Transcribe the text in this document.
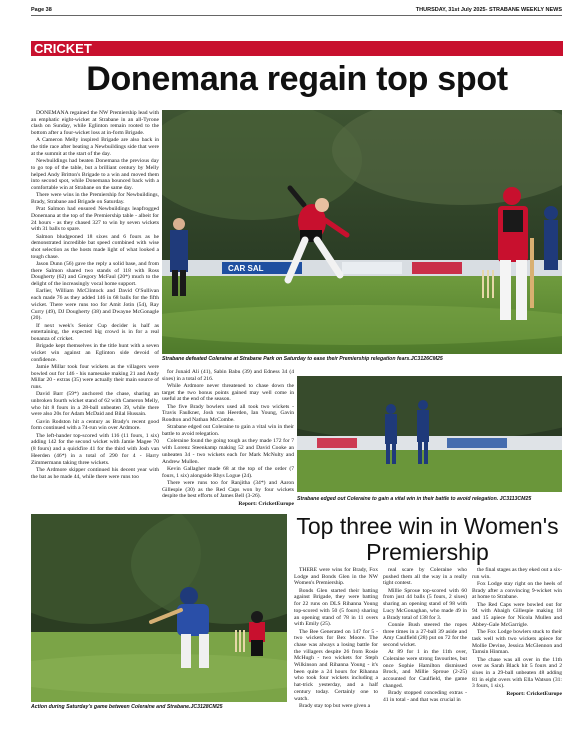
Page 38	THURSDAY, 31st July 2025- STRABANE WEEKLY NEWS
CRICKET
Donemana regain top spot

DONEMANA regained the NW Premiership lead with an emphatic eight-wicket at Strabane in an all-Tyrone clash on Sunday, while Eglinton remain rooted to the bottom after a four-wicket loss at in-form Brigade.

A Cameron Melly inspired Brigade are also back in the title race after beating a Newbuildings side that were at the summit at the start of the day.

Newbuildings had beaten Donemana the previous day to go top of the table, but a brilliant century by Melly helped Andy Britton's Brigade to a win and moved them into second spot, while Donemana bounced back with a comfortable win at Strabane on the same day.

There were wins in the Premiership for Newbuildings, Brady, Strabane and Brigade on Saturday.

Prat Salmon had ensured Newbuildings leapfrogged Donemana at the top of the Premiership table - albeit for 24 hours - as they chased 327 to win by seven wickets with 31 balls to spare.

Salmon bludgeoned 18 sixes and 6 fours as he demonstrated incredible bat speed combined with wise shot selection as the hosts made light of what looked a tough chase.

Jason Dunn (56) gave the reply a solid base, and from there Salmon shared two stands of 118 with Ross Dougherty (62) and Gregory McFaul (20*) much to the delight of the increasingly vocal home support.

Earlier, William McClintock and David O'Sullivan each made 76 as they added 146 in 68 balls for the fifth wicket. There were runs too for Amit Jotin (54), Ray Curry (49), DJ Dougherty (38) and Dwayne McGonagle (20).

If next week's Senior Cup decider is half as entertaining, the expected big crowd is in for a real bonanza of cricket.

Brigade kept themselves in the title hunt with a seven wicket win against an Eglinton side devoid of confidence.

Jamie Millar took four wickets as the villagers were bowled out for 146 - his namesake making 21 and Andy Millar 20 - extras (35) were actually their main source of runs.

David Barr (59*) anchored the chase, sharing an unbroken fourth wicket stand of 62 with Cameron Melly, who hit 8 fours in a 28-ball unbeaten 39, while there were also 20s for Adam McDaid and Bilal Hussain.

Gavin Rodston hit a century as Brady's recent good form continued with a 74-run win over Ardmore.

The left-hander top-scored with 116 (11 fours, 1 six) adding 142 for the second wicket with Jamie Magee 70 (8 fours) and a quickfire 41 for the third with Josh van Heerden (46*) in a total of 290 for 4 - Harry Zimmermann taking three wickets.

The Ardmore skipper continued his decent year with the bat as he made 44, while there were runs too

CAR SAL
Strabane defeated Coleraine at Strabane Park on Saturday to ease their Premiership relegation fears.JC3126CM25

for Junaid Ali (41), Sabin Babu (39) and Edness 34 (4 sixes) in a total of 216.

While Ardmore never threatened to chase down the target the two bonus points gained may well come in useful at the end of the season.

The five Brady bowlers used all took two wickets - Travis Faulkner, Josh van Heerden, Ian Young, Gavin Rondton and Nathan McCombe.

Strabane edged out Coleraine to gain a vital win in their battle to avoid relegation.

Coleraine found the going tough as they made 172 for 7 with Lorenz Steenkamp making 52 and David Cooke an unbeaten 34 - two wickets each for Mark McNulty and Andrew Mullen.

Kevin Gallagher made 68 at the top of the order (7 fours, 1 six) alongside Rhys Logue (24).

There were runs too for Ranjitha (34*) and Aaron Gillespie (30) as the Red Caps won by four wickets despite the best efforts of James Bell (3-26).

Report: CricketEurope

Strabane edged out Coleraine to gain a vital win in their battle to avoid relegation. JC3113CM25
Action during Saturday's game between Coleraine and Strabane.JC3128CM25
Top three win in Women's Premiership

THERE were wins for Brady, Fox Lodge and Bonds Glen in the NW Women's Premiership.

Bonds Glen started their batting against Brigade, they were batting for 22 runs on DLS Rihanna Young top-scored with 50 (5 fours) sharing an opening stand of 78 in 11 overs with Emily (25).

The Bee Generated on 147 for 5 - two wickets for Bex Moore. The chase was always a losing battle for the villagers despite 26 from Rosie McHugh - two wickets for Steph Wilkinson and Rihanna Young - it's been quite a 24 hours for Rihanna who took four wickets including a hat-trick yesterday, and a half century today. Certainly one to watch.

Brady stay top but were given a

real scare by Coleraine who pushed them all the way in a really tight contest.

Millie Sproue top-scored with 60 from just 44 balls (5 fours, 2 sixes) sharing an opening stand of 98 with Lucy McGonaghan, who made 49 in a Brady total of 138 for 3.

Connie Bush steered the ropes three times in a 27-ball 39 aside and Amy Caulfield (28) put on 72 for the second wicket.

At 89 for 1 in the 11th over, Coleraine were strong favourites, but once Sophie Hamilton dismissed Brock, and Millie Sproue (2-25) accounted for Caulfield, the game changed.

Brady stopped conceding extras - 41 in total - and that was crucial in

the final stages as they eked out a six-run win.

Fox Lodge stay right on the heels of Brady after a convincing 9-wicket win at home to Strabane.

The Red Caps were bowled out for 94 with Abaigh Gillespie making 18 and 15 apiece for Nicola Mullen and Abbey-Gale McGarrigle.

The Fox Lodge bowlers stuck to their task well with two wickets apiece for Mollie Devine, Jessica McGlennon and Tamsin Hinman.

The chase was all over in the 11th over as Sarah Black hit 5 fours and 2 sixes in a 29-ball unbeaten 48 adding 81 in eight overs with Ella Watson (31: 3 fours, 1 six).

Report: CricketEurope
